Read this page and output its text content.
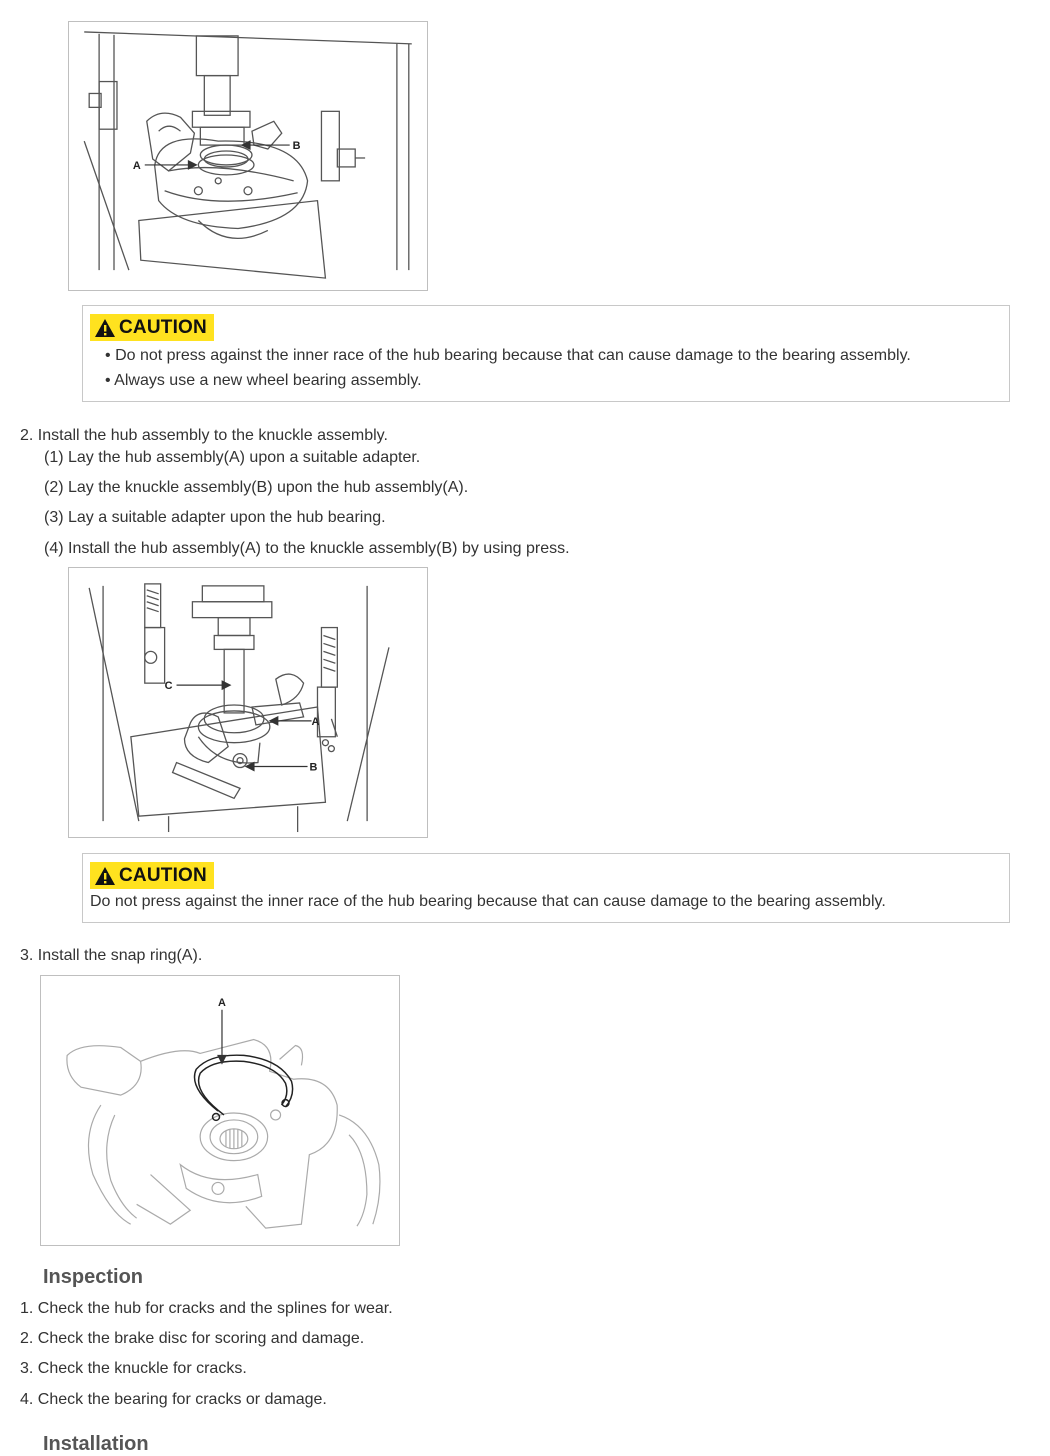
A
B
CAUTION
• Do not press against the inner race of the hub bearing because that can cause damage to the bearing assembly.
• Always use a new wheel bearing assembly.
2. Install the hub assembly to the knuckle assembly.
(1) Lay the hub assembly(A) upon a suitable adapter.
(2) Lay the knuckle assembly(B) upon the hub assembly(A).
(3) Lay a suitable adapter upon the hub bearing.
(4) Install the hub assembly(A) to the knuckle assembly(B) by using press.
C
A
B
CAUTION
Do not press against the inner race of the hub bearing because that can cause damage to the bearing assembly.
3. Install the snap ring(A).
A
Inspection
1. Check the hub for cracks and the splines for wear.
2. Check the brake disc for scoring and damage.
3. Check the knuckle for cracks.
4. Check the bearing for cracks or damage.
Installation
